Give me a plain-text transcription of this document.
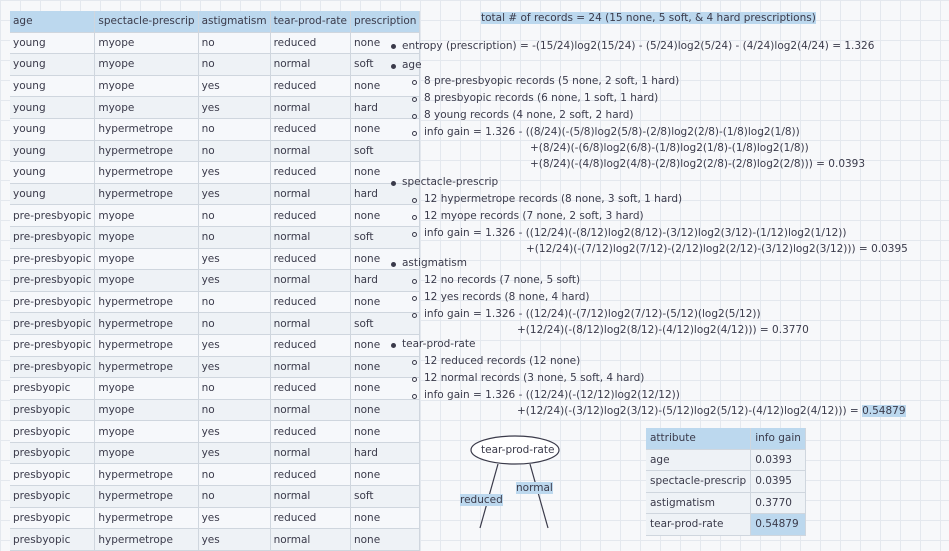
age	spectacle-prescrip	astigmatism	tear-prod-rate	prescription
young	myope	no	reduced	none
young	myope	no	normal	soft
young	myope	yes	reduced	none
young	myope	yes	normal	hard
young	hypermetrope	no	reduced	none
young	hypermetrope	no	normal	soft
young	hypermetrope	yes	reduced	none
young	hypermetrope	yes	normal	hard
pre-presbyopic	myope	no	reduced	none
pre-presbyopic	myope	no	normal	soft
pre-presbyopic	myope	yes	reduced	none
pre-presbyopic	myope	yes	normal	hard
pre-presbyopic	hypermetrope	no	reduced	none
pre-presbyopic	hypermetrope	no	normal	soft
pre-presbyopic	hypermetrope	yes	reduced	none
pre-presbyopic	hypermetrope	yes	normal	none
presbyopic	myope	no	reduced	none
presbyopic	myope	no	normal	none
presbyopic	myope	yes	reduced	none
presbyopic	myope	yes	normal	hard
presbyopic	hypermetrope	no	reduced	none
presbyopic	hypermetrope	no	normal	soft
presbyopic	hypermetrope	yes	reduced	none
presbyopic	hypermetrope	yes	normal	none
total # of records = 24 (15 none, 5 soft, & 4 hard prescriptions)
entropy (prescription) = -(15/24)log2(15/24) - (5/24)log2(5/24) - (4/24)log2(4/24) = 1.326
age
8 pre-presbyopic records (5 none, 2 soft, 1 hard)
8 presbyopic records (6 none, 1 soft, 1 hard)
8 young records (4 none, 2 soft, 2 hard)
info gain = 1.326 - ((8/24)(-(5/8)log2(5/8)-(2/8)log2(2/8)-(1/8)log2(1/8))
+(8/24)(-(6/8)log2(6/8)-(1/8)log2(1/8)-(1/8)log2(1/8))
+(8/24)(-(4/8)log2(4/8)-(2/8)log2(2/8)-(2/8)log2(2/8))) = 0.0393
spectacle-prescrip
12 hypermetrope records (8 none, 3 soft, 1 hard)
12 myope records (7 none, 2 soft, 3 hard)
info gain = 1.326 - ((12/24)(-(8/12)log2(8/12)-(3/12)log2(3/12)-(1/12)log2(1/12))
+(12/24)(-(7/12)log2(7/12)-(2/12)log2(2/12)-(3/12)log2(3/12))) = 0.0395
astigmatism
12 no records (7 none, 5 soft)
12 yes records (8 none, 4 hard)
info gain = 1.326 - ((12/24)(-(7/12)log2(7/12)-(5/12)(log2(5/12))
+(12/24)(-(8/12)log2(8/12)-(4/12)log2(4/12))) = 0.3770
tear-prod-rate
12 reduced records (12 none)
12 normal records (3 none, 5 soft, 4 hard)
info gain = 1.326 - ((12/24)(-(12/12)log2(12/12))
+(12/24)(-(3/12)log2(3/12)-(5/12)log2(5/12)-(4/12)log2(4/12))) = 0.54879
tear-prod-rate
reduced
normal
attribute	info gain
age	0.0393
spectacle-prescrip	0.0395
astigmatism	0.3770
tear-prod-rate	0.54879
